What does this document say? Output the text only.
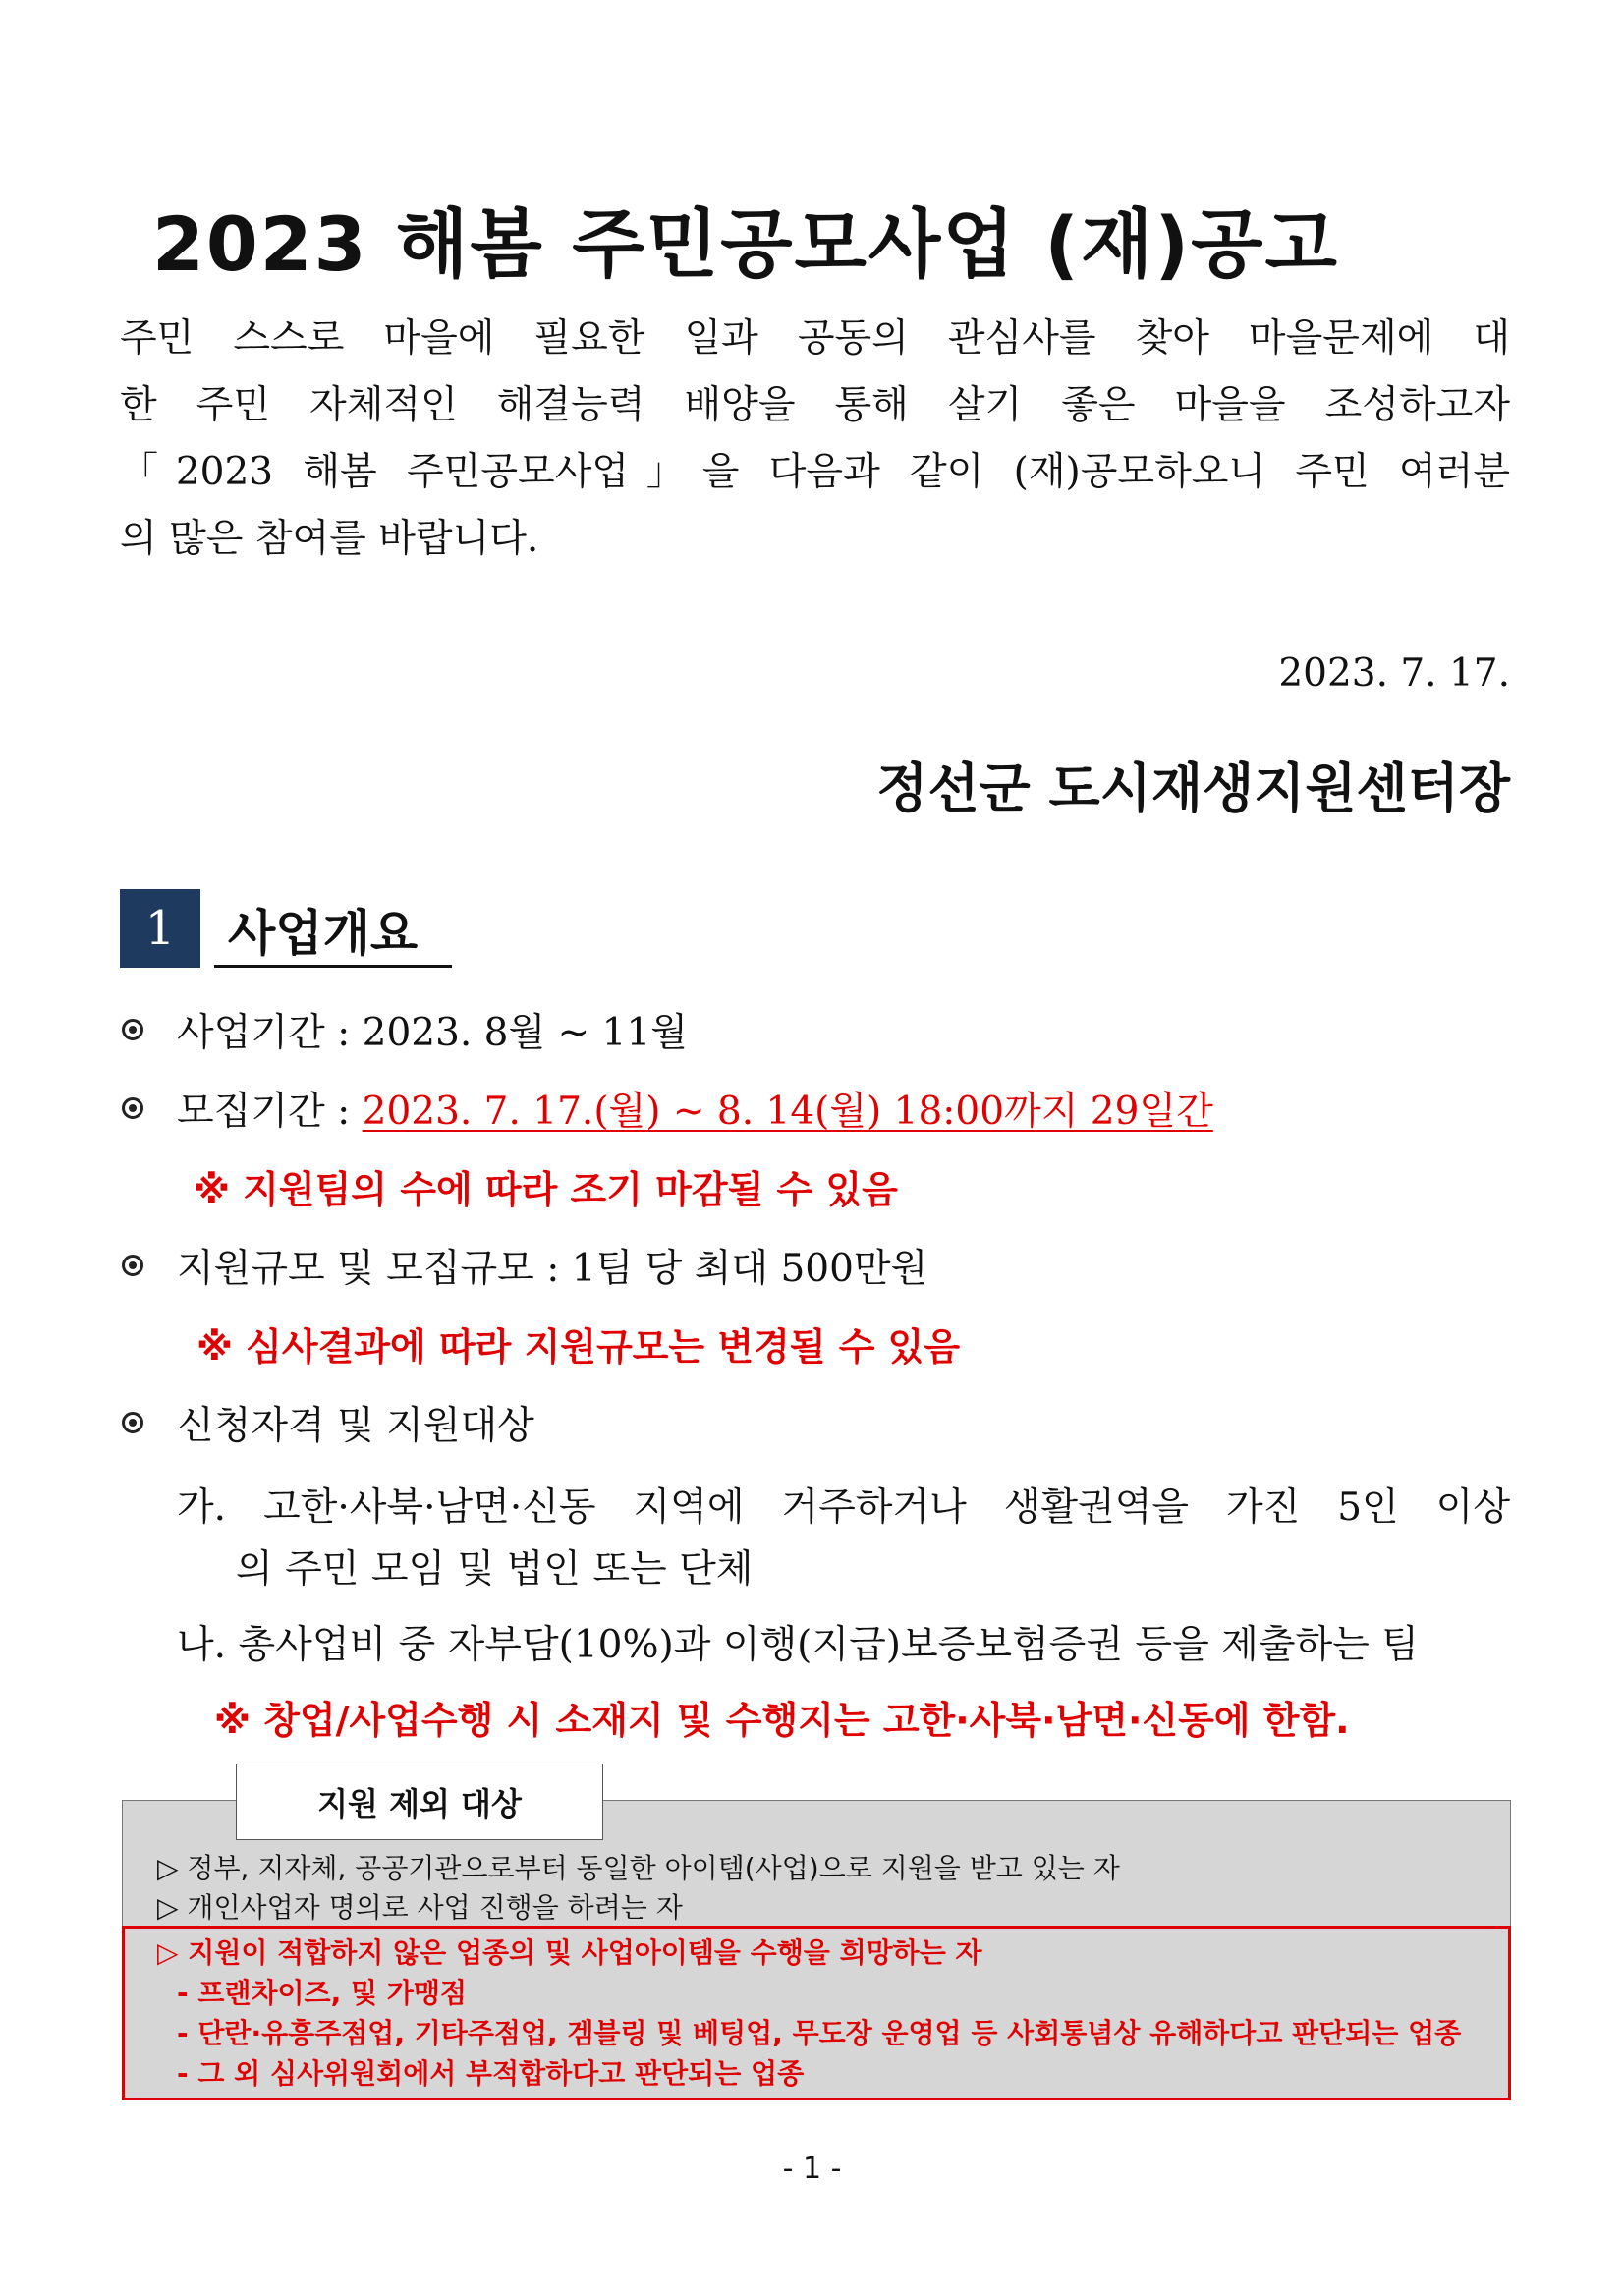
2023 해봄 주민공모사업 (재)공고
주민 스스로 마을에 필요한 일과 공동의 관심사를 찾아 마을문제에 대
한 주민 자체적인 해결능력 배양을 통해 살기 좋은 마을을 조성하고자
「2023 해봄 주민공모사업」을 다음과 같이 (재)공모하오니 주민 여러분
의 많은 참여를 바랍니다.
2023. 7. 17.
정선군 도시재생지원센터장
1	사업개요
사업기간 : 2023. 8월 ~ 11월
모집기간 : 2023. 7. 17.(월) ~ 8. 14(월) 18:00까지 29일간
※ 지원팀의 수에 따라 조기 마감될 수 있음
지원규모 및 모집규모 : 1팀 당 최대 500만원
※ 심사결과에 따라 지원규모는 변경될 수 있음
신청자격 및 지원대상
가. 고한·사북·남면·신동 지역에 거주하거나 생활권역을 가진 5인 이상
의 주민 모임 및 법인 또는 단체
나. 총사업비 중 자부담(10%)과 이행(지급)보증보험증권 등을 제출하는 팀
※ 창업/사업수행 시 소재지 및 수행지는 고한·사북·남면·신동에 한함.
지원 제외 대상
▷ 정부, 지자체, 공공기관으로부터 동일한 아이템(사업)으로 지원을 받고 있는 자
▷ 개인사업자 명의로 사업 진행을 하려는 자
▷ 지원이 적합하지 않은 업종의 및 사업아이템을 수행을 희망하는 자
- 프랜차이즈, 및 가맹점
- 단란·유흥주점업, 기타주점업, 겜블링 및 베팅업, 무도장 운영업 등 사회통념상 유해하다고 판단되는 업종
- 그 외 심사위원회에서 부적합하다고 판단되는 업종
- 1 -
